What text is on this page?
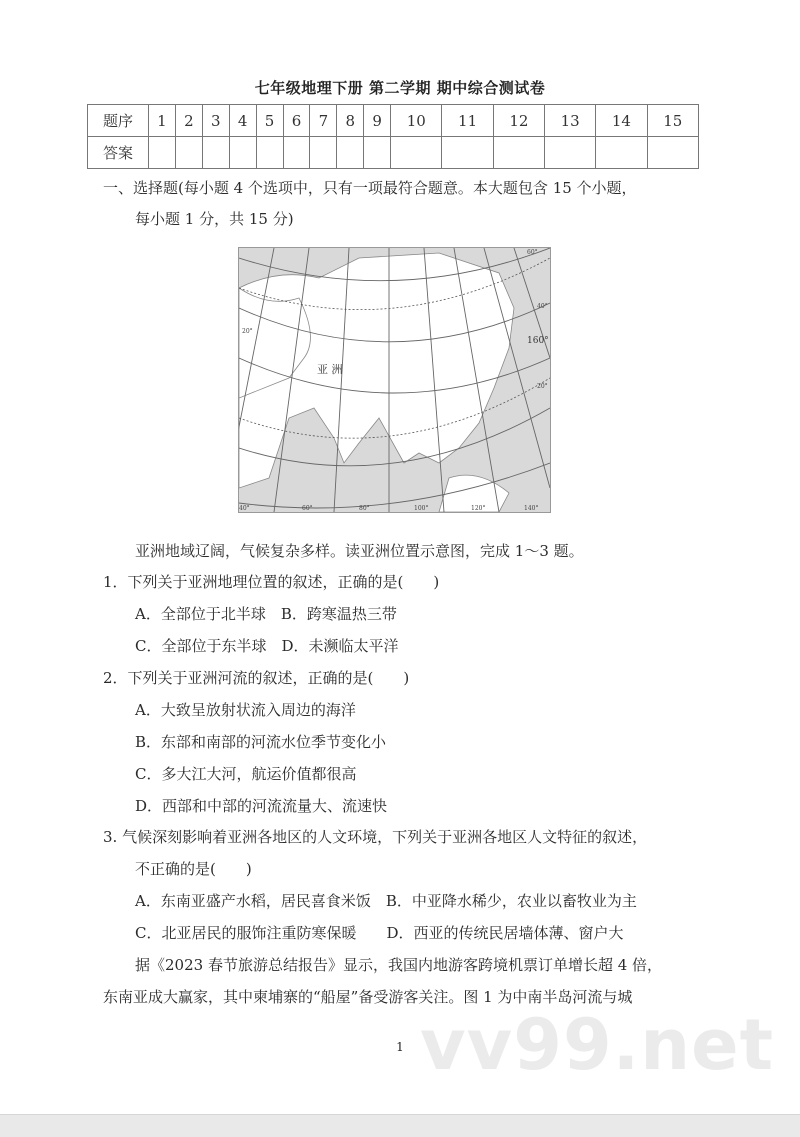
七年级地理下册 第二学期 期中综合测试卷
题序	1	2	3	4	5	6	7	8	9	10	11	12	13	14	15
答案															
一、选择题(每小题 4 个选项中，只有一项最符合题意。本大题包含 15 个小题，
每小题 1 分，共 15 分)
亚 洲
40°	60°	80°	100°	120°	140°
20°
40°
60°
160°
20°
亚洲地域辽阔，气候复杂多样。读亚洲位置示意图，完成 1～3 题。
1．下列关于亚洲地理位置的叙述，正确的是(　　)
A．全部位于北半球　B．跨寒温热三带
C．全部位于东半球　D．未濒临太平洋
2．下列关于亚洲河流的叙述，正确的是(　　)
A．大致呈放射状流入周边的海洋
B．东部和南部的河流水位季节变化小
C．多大江大河，航运价值都很高
D．西部和中部的河流流量大、流速快
3. 气候深刻影响着亚洲各地区的人文环境，下列关于亚洲各地区人文特征的叙述，
不正确的是(　　)
A．东南亚盛产水稻，居民喜食米饭　B．中亚降水稀少，农业以畜牧业为主
C．北亚居民的服饰注重防寒保暖　　D．西亚的传统民居墙体薄、窗户大
据《2023 春节旅游总结报告》显示，我国内地游客跨境机票订单增长超 4 倍，
东南亚成大赢家，其中柬埔寨的“船屋”备受游客关注。图 1 为中南半岛河流与城
vv99.net
1
